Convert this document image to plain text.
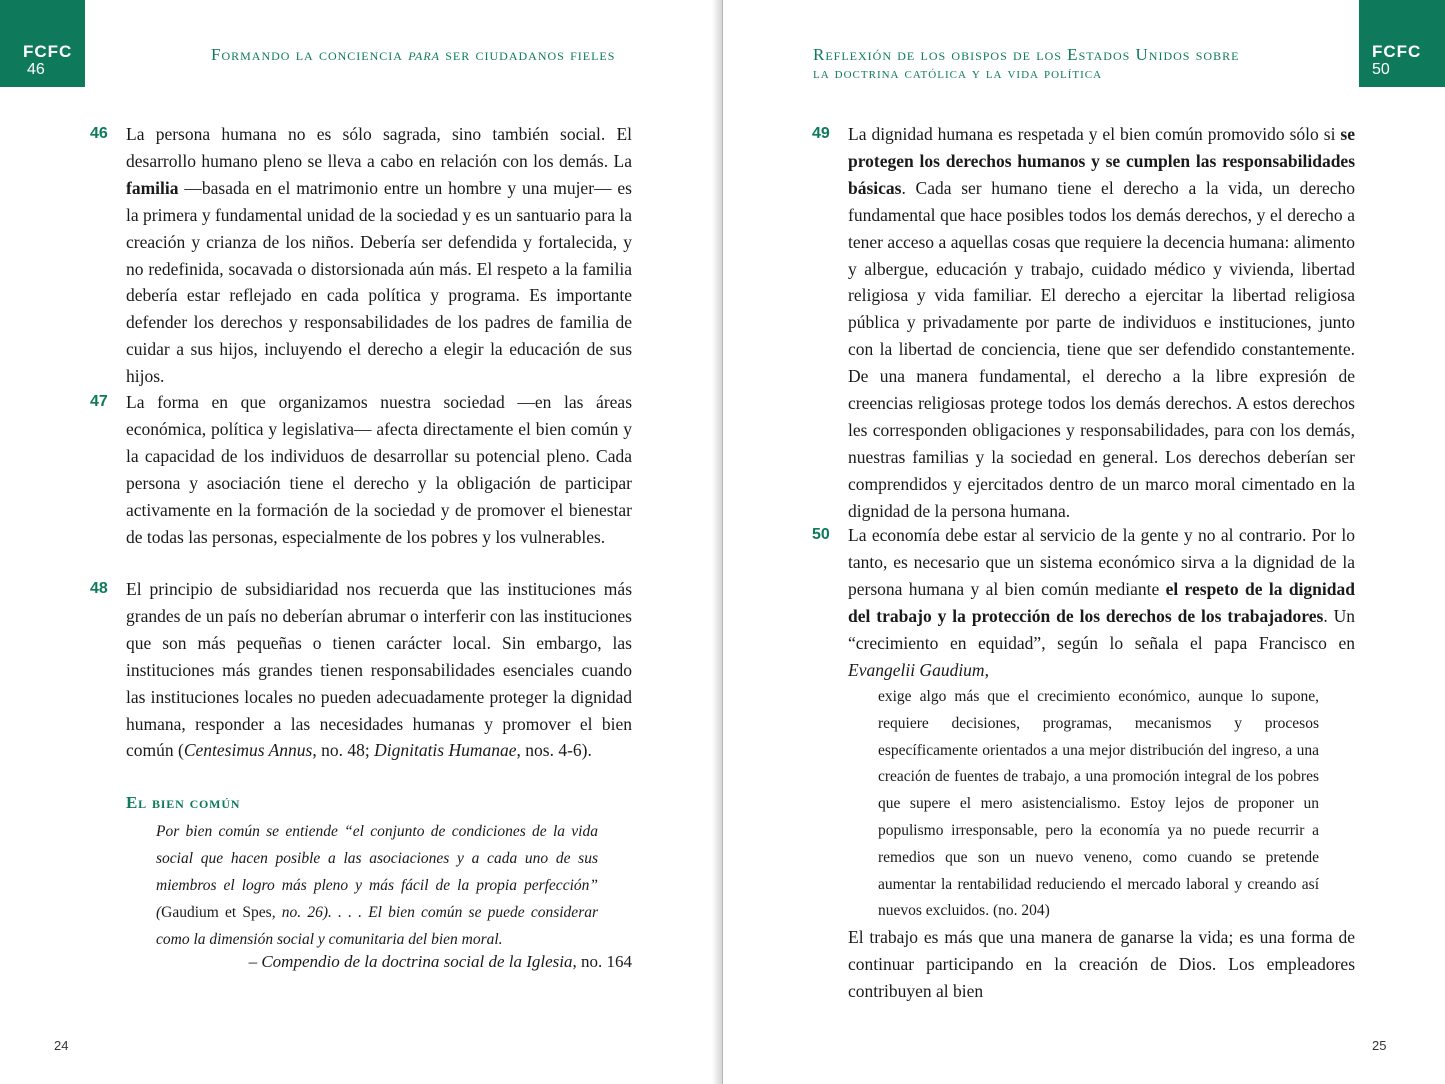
FCFC
46
Formando la conciencia para ser ciudadanos fieles
46 La persona humana no es sólo sagrada, sino también social. El desarrollo humano pleno se lleva a cabo en relación con los demás. La familia —basada en el matrimonio entre un hombre y una mujer— es la primera y fundamental unidad de la sociedad y es un santuario para la creación y crianza de los niños. Debería ser defendida y fortalecida, y no redefinida, socavada o distorsionada aún más. El respeto a la familia debería estar reflejado en cada política y programa. Es importante defender los derechos y responsabilidades de los padres de familia de cuidar a sus hijos, incluyendo el derecho a elegir la educación de sus hijos.
47 La forma en que organizamos nuestra sociedad —en las áreas económica, política y legislativa— afecta directamente el bien común y la capacidad de los individuos de desarrollar su potencial pleno. Cada persona y asociación tiene el derecho y la obligación de participar activamente en la formación de la sociedad y de promover el bienestar de todas las personas, especialmente de los pobres y los vulnerables.
48 El principio de subsidiaridad nos recuerda que las instituciones más grandes de un país no deberían abrumar o interferir con las instituciones que son más pequeñas o tienen carácter local. Sin embargo, las instituciones más grandes tienen responsabilidades esenciales cuando las instituciones locales no pueden adecuadamente proteger la dignidad humana, responder a las necesidades humanas y promover el bien común (Centesimus Annus, no. 48; Dignitatis Humanae, nos. 4-6).
El bien común
Por bien común se entiende “el conjunto de condiciones de la vida social que hacen posible a las asociaciones y a cada uno de sus miembros el logro más pleno y más fácil de la propia perfección” (Gaudium et Spes, no. 26). . . . El bien común se puede considerar como la dimensión social y comunitaria del bien moral.
– Compendio de la doctrina social de la Iglesia, no. 164
24
Reflexión de los obispos de los Estados Unidos sobre
la doctrina católica y la vida política
FCFC
50
49 La dignidad humana es respetada y el bien común promovido sólo si se protegen los derechos humanos y se cumplen las responsabilidades básicas. Cada ser humano tiene el derecho a la vida, un derecho fundamental que hace posibles todos los demás derechos, y el derecho a tener acceso a aquellas cosas que requiere la decencia humana: alimento y albergue, educación y trabajo, cuidado médico y vivienda, libertad religiosa y vida familiar. El derecho a ejercitar la libertad religiosa pública y privadamente por parte de individuos e instituciones, junto con la libertad de conciencia, tiene que ser defendido constantemente. De una manera fundamental, el derecho a la libre expresión de creencias religiosas protege todos los demás derechos. A estos derechos les corresponden obligaciones y responsabilidades, para con los demás, nuestras familias y la sociedad en general. Los derechos deberían ser comprendidos y ejercitados dentro de un marco moral cimentado en la dignidad de la persona humana.
50 La economía debe estar al servicio de la gente y no al contrario. Por lo tanto, es necesario que un sistema económico sirva a la dignidad de la persona humana y al bien común mediante el respeto de la dignidad del trabajo y la protección de los derechos de los trabajadores. Un “crecimiento en equidad”, según lo señala el papa Francisco en Evangelii Gaudium,
exige algo más que el crecimiento económico, aunque lo supone, requiere decisiones, programas, mecanismos y procesos específicamente orientados a una mejor distribución del ingreso, a una creación de fuentes de trabajo, a una promoción integral de los pobres que supere el mero asistencialismo. Estoy lejos de proponer un populismo irresponsable, pero la economía ya no puede recurrir a remedios que son un nuevo veneno, como cuando se pretende aumentar la rentabilidad reduciendo el mercado laboral y creando así nuevos excluidos. (no. 204)
El trabajo es más que una manera de ganarse la vida; es una forma de continuar participando en la creación de Dios. Los empleadores contribuyen al bien
25
